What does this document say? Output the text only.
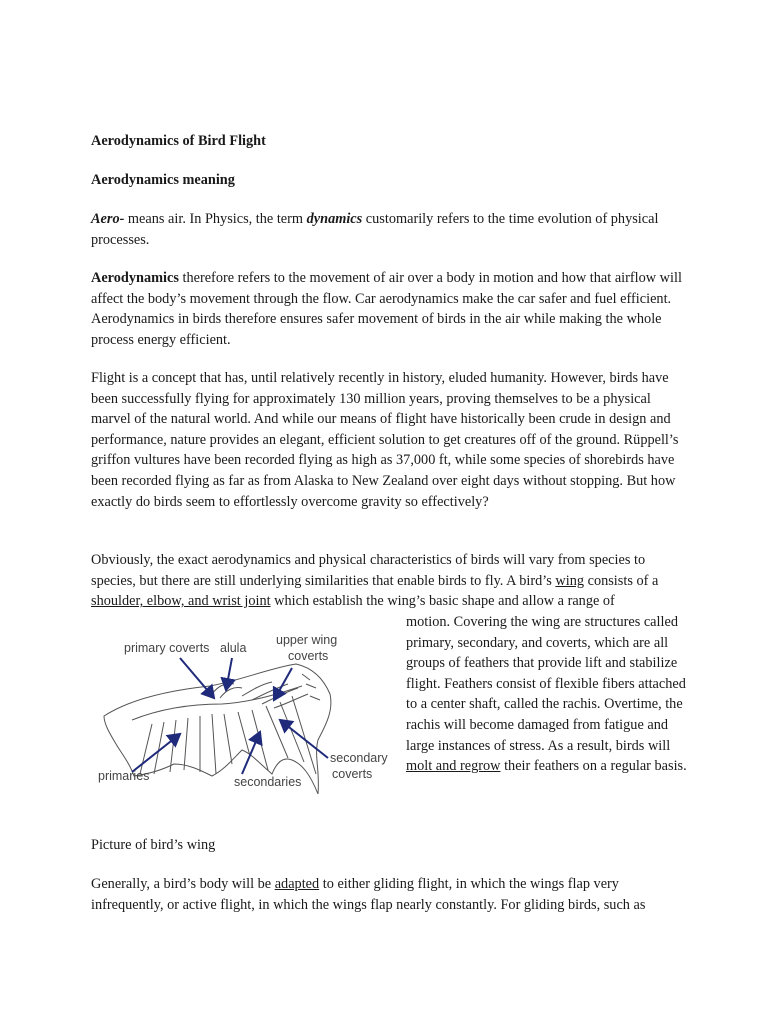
Aerodynamics of Bird Flight

Aerodynamics meaning

Aero- means air. In Physics, the term dynamics customarily refers to the time evolution of physical processes.

Aerodynamics therefore refers to the movement of air over a body in motion and how that airflow will affect the body’s movement through the flow. Car aerodynamics make the car safer and fuel efficient. Aerodynamics in birds therefore ensures safer movement of birds in the air while making the whole process energy efficient.

Flight is a concept that has, until relatively recently in history, eluded humanity. However, birds have been successfully flying for approximately 130 million years, proving themselves to be a physical marvel of the natural world. And while our means of flight have historically been crude in design and performance, nature provides an elegant, efficient solution to get creatures off of the ground. Rüppell’s griffon vultures have been recorded flying as high as 37,000 ft, while some species of shorebirds have been recorded flying as far as from Alaska to New Zealand over eight days without stopping. But how exactly do birds seem to effortlessly overcome gravity so effectively?

Obviously, the exact aerodynamics and physical characteristics of birds will vary from species to species, but there are still underlying similarities that enable birds to fly. A bird’s wing consists of a shoulder, elbow, and wrist joint which establish the wing’s basic shape and allow a range of

primary coverts alula
upper wing
coverts
primaries	secondaries
secondary
coverts

motion. Covering the wing are structures called primary, secondary, and coverts, which are all groups of feathers that provide lift and stabilize flight. Feathers consist of flexible fibers attached to a center shaft, called the rachis. Overtime, the rachis will become damaged from fatigue and large instances of stress. As a result, birds will molt and regrow their feathers on a regular basis.

Picture of bird’s wing

Generally, a bird’s body will be adapted to either gliding flight, in which the wings flap very infrequently, or active flight, in which the wings flap nearly constantly. For gliding birds, such as
